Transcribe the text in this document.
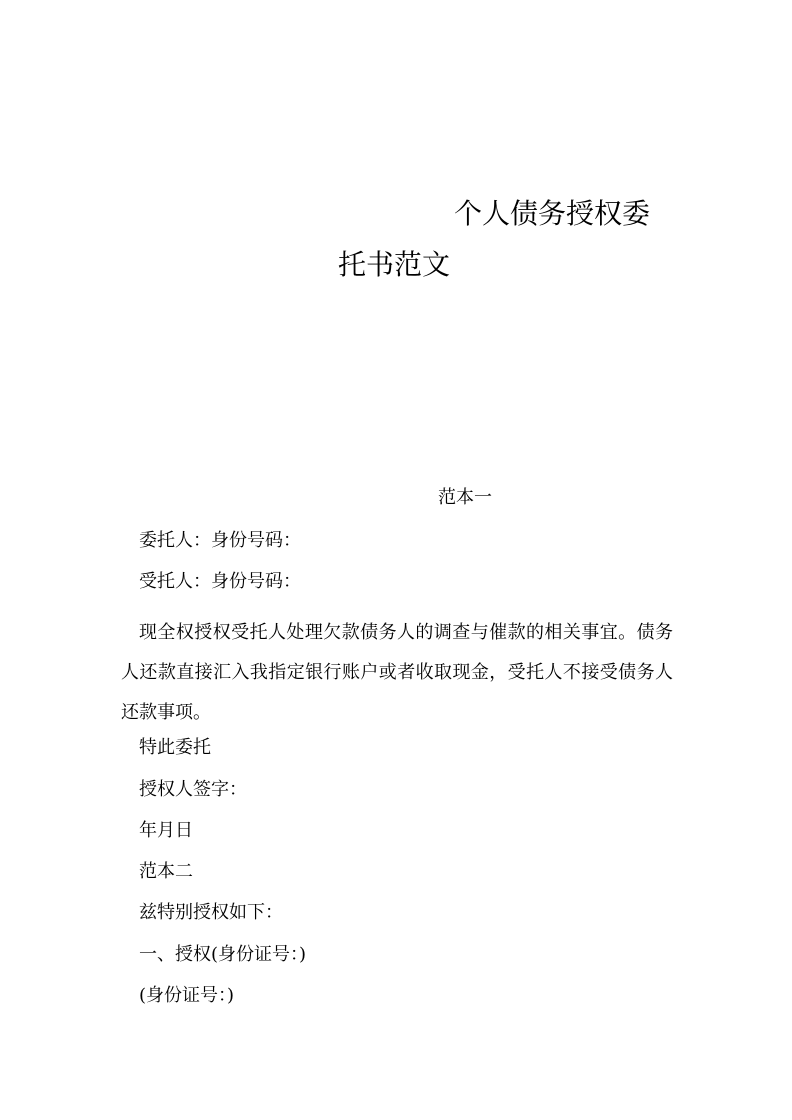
个人债务授权委
托书范文
范本一
委托人：身份号码：
受托人：身份号码：
现全权授权受托人处理欠款债务人的调查与催款的相关事宜。债务人还款直接汇入我指定银行账户或者收取现金，受托人不接受债务人还款事项。
特此委托
授权人签字：
年月日
范本二
兹特别授权如下：
一、授权(身份证号：)
(身份证号：)
